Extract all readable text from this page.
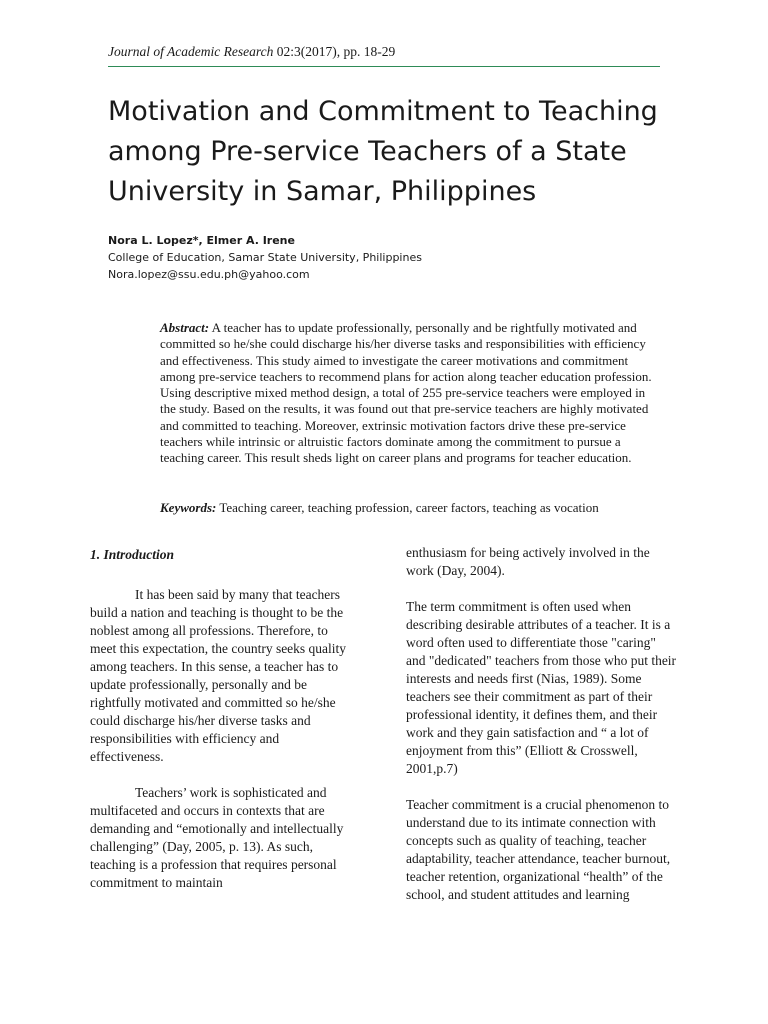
Journal of Academic Research 02:3(2017), pp. 18-29
Motivation and Commitment to Teaching
among Pre-service Teachers of a State
University in Samar, Philippines
Nora L. Lopez*, Elmer A. Irene
College of Education, Samar State University, Philippines
Nora.lopez@ssu.edu.ph@yahoo.com
Abstract: A teacher has to update professionally, personally and be rightfully motivated and committed so he/she could discharge his/her diverse tasks and responsibilities with efficiency and effectiveness. This study aimed to investigate the career motivations and commitment among pre-service teachers to recommend plans for action along teacher education profession. Using descriptive mixed method design, a total of 255 pre-service teachers were employed in the study. Based on the results, it was found out that pre-service teachers are highly motivated and committed to teaching. Moreover, extrinsic motivation factors drive these pre-service teachers while intrinsic or altruistic factors dominate among the commitment to pursue a teaching career. This result sheds light on career plans and programs for teacher education.
Keywords: Teaching career, teaching profession, career factors, teaching as vocation
1. Introduction

It has been said by many that teachers build a nation and teaching is thought to be the noblest among all professions. Therefore, to meet this expectation, the country seeks quality among teachers. In this sense, a teacher has to update professionally, personally and be rightfully motivated and committed so he/she could discharge his/her diverse tasks and responsibilities with efficiency and effectiveness.

Teachers’ work is sophisticated and multifaceted and occurs in contexts that are demanding and “emotionally and intellectually challenging” (Day, 2005, p. 13). As such, teaching is a profession that requires personal commitment to maintain

enthusiasm for being actively involved in the work (Day, 2004).

The term commitment is often used when describing desirable attributes of a teacher. It is a word often used to differentiate those "caring" and "dedicated" teachers from those who put their interests and needs first (Nias, 1989). Some teachers see their commitment as part of their professional identity, it defines them, and their work and they gain satisfaction and “ a lot of enjoyment from this” (Elliott & Crosswell, 2001,p.7)

Teacher commitment is a crucial phenomenon to understand due to its intimate connection with concepts such as quality of teaching, teacher adaptability, teacher attendance, teacher burnout, teacher retention, organizational “health” of the school, and student attitudes and learning
